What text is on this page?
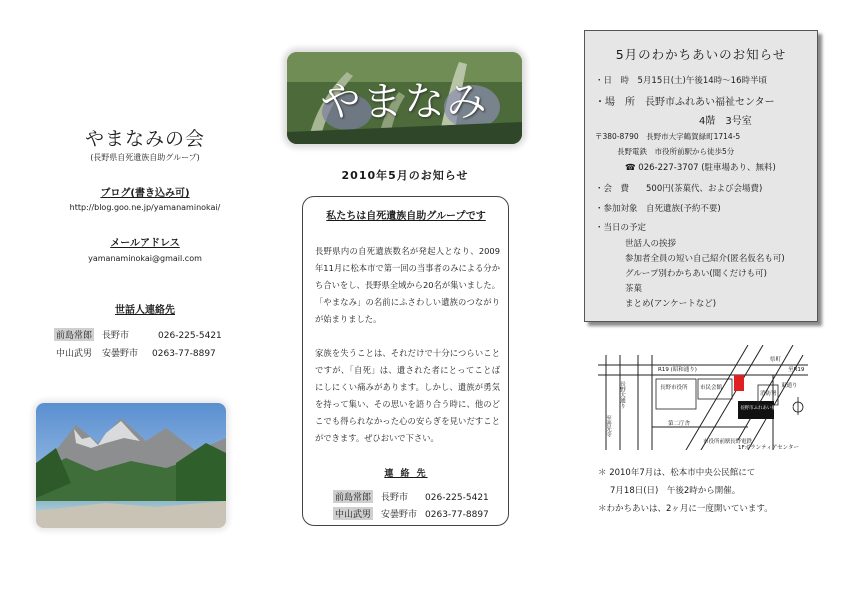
やまなみの会
(長野県自死遺族自助グループ)
ブログ(書き込み可)
http://blog.goo.ne.jp/yamanaminokai/
メールアドレス
yamanaminokai@gmail.com
世話人連絡先
前島常郎 長野市	026-225-5421
中山武男 安曇野市 0263-77-8897
やまなみ
2010年5月のお知らせ
私たちは自死遺族自助グループです
長野県内の自死遺族数名が発起人となり、2009年11月に松本市で第一回の当事者のみによる分かち合いをし、長野県全域から20名が集いました。「やまなみ」の名前にふさわしい遺族のつながりが始まりました。
家族を失うことは、それだけで十分につらいことですが、「自死」は、遺された者にとってことばにしにくい痛みがあります。しかし、遺族が勇気を持って集い、その思いを語り合う時に、他のどこでも得られなかった心の安らぎを見いだすことができます。ぜひおいで下さい。
連 絡 先
前島常郎 長野市 026-225-5421
中山武男 安曇野市 0263-77-8897
5月のわかちあいのお知らせ
・日　時　5月15日(土)午後14時〜16時半頃
・場　所　長野市ふれあい福祉センター
4階　3号室
〒380-8790　長野市大字鶴賀緑町1714-5
長野電鉄　市役所前駅から徒歩5分
☎ 026-227-3707 (駐車場あり、無料)
・会　費　　500円(茶菓代、および会場費)
・参加対象　自死遺族(予約不要)
・当日の予定
世話人の挨拶
参加者全員の短い自己紹介(匿名仮名も可)
グループ別わかちあい(聞くだけも可)
茶菓
まとめ(アンケートなど)
R19 (昭和通り)	至R19
県町
長野市役所 市民会館
消防署
東通り
長野市ふれあい福祉センター
市役所前駅
第二庁舎
長野電鉄
1Fボランティアセンター
長野大通り
至善光寺
＊ 2010年7月は、松本市中央公民館にて
7月18日(日)　午後2時から開催。
＊わかちあいは、2ヶ月に一度開いています。
